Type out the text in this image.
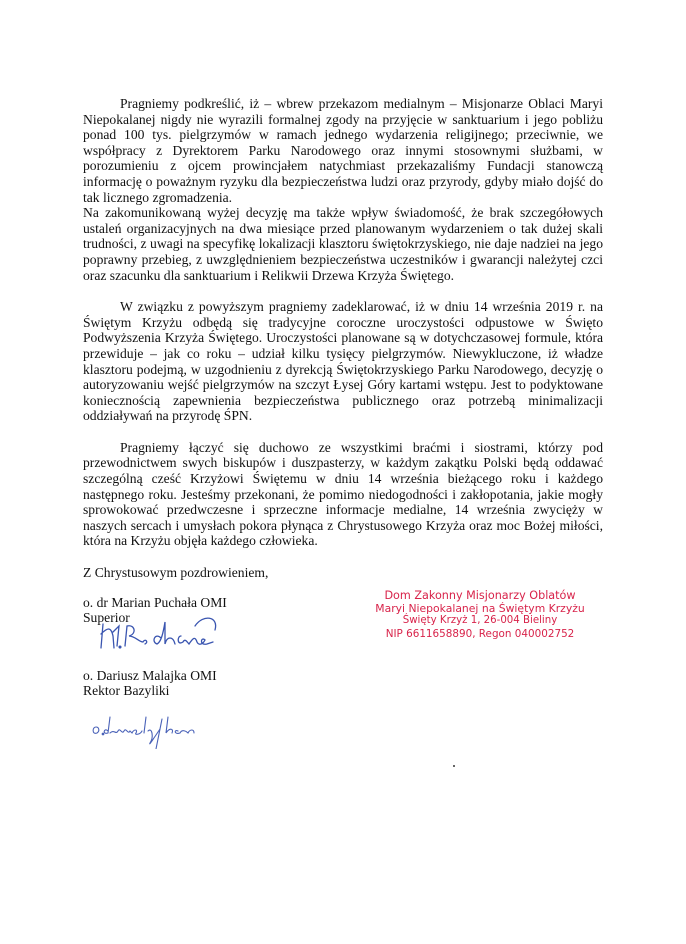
Pragniemy podkreślić, iż – wbrew przekazom medialnym – Misjonarze Oblaci Maryi Niepokalanej nigdy nie wyrazili formalnej zgody na przyjęcie w sanktuarium i jego pobliżu ponad 100 tys. pielgrzymów w ramach jednego wydarzenia religijnego; przeciwnie, we współpracy z Dyrektorem Parku Narodowego oraz innymi stosownymi służbami, w porozumieniu z ojcem prowincjałem natychmiast przekazaliśmy Fundacji stanowczą informację o poważnym ryzyku dla bezpieczeństwa ludzi oraz przyrody, gdyby miało dojść do tak licznego zgromadzenia.

Na zakomunikowaną wyżej decyzję ma także wpływ świadomość, że brak szczegółowych ustaleń organizacyjnych na dwa miesiące przed planowanym wydarzeniem o tak dużej skali trudności, z uwagi na specyfikę lokalizacji klasztoru świętokrzyskiego, nie daje nadziei na jego poprawny przebieg, z uwzględnieniem bezpieczeństwa uczestników i gwarancji należytej czci oraz szacunku dla sanktuarium i Relikwii Drzewa Krzyża Świętego.

W związku z powyższym pragniemy zadeklarować, iż w dniu 14 września 2019 r. na Świętym Krzyżu odbędą się tradycyjne coroczne uroczystości odpustowe w Święto Podwyższenia Krzyża Świętego. Uroczystości planowane są w dotychczasowej formule, która przewiduje – jak co roku – udział kilku tysięcy pielgrzymów. Niewykluczone, iż władze klasztoru podejmą, w uzgodnieniu z dyrekcją Świętokrzyskiego Parku Narodowego, decyzję o autoryzowaniu wejść pielgrzymów na szczyt Łysej Góry kartami wstępu. Jest to podyktowane koniecznością zapewnienia bezpieczeństwa publicznego oraz potrzebą minimalizacji oddziaływań na przyrodę ŚPN.

Pragniemy łączyć się duchowo ze wszystkimi braćmi i siostrami, którzy pod przewodnictwem swych biskupów i duszpasterzy, w każdym zakątku Polski będą oddawać szczególną cześć Krzyżowi Świętemu w dniu 14 września bieżącego roku i każdego następnego roku. Jesteśmy przekonani, że pomimo niedogodności i zakłopotania, jakie mogły sprowokować przedwczesne i sprzeczne informacje medialne, 14 września zwycięży w naszych sercach i umysłach pokora płynąca z Chrystusowego Krzyża oraz moc Bożej miłości, która na Krzyżu objęła każdego człowieka.

Z Chrystusowym pozdrowieniem,

o. dr Marian Puchała OMI
Superior
o. Dariusz Malajka OMI
Rektor Bazyliki
Dom Zakonny Misjonarzy Oblatów
Maryi Niepokalanej na Świętym Krzyżu
Święty Krzyż 1, 26-004 Bieliny
NIP 6611658890, Regon 040002752
